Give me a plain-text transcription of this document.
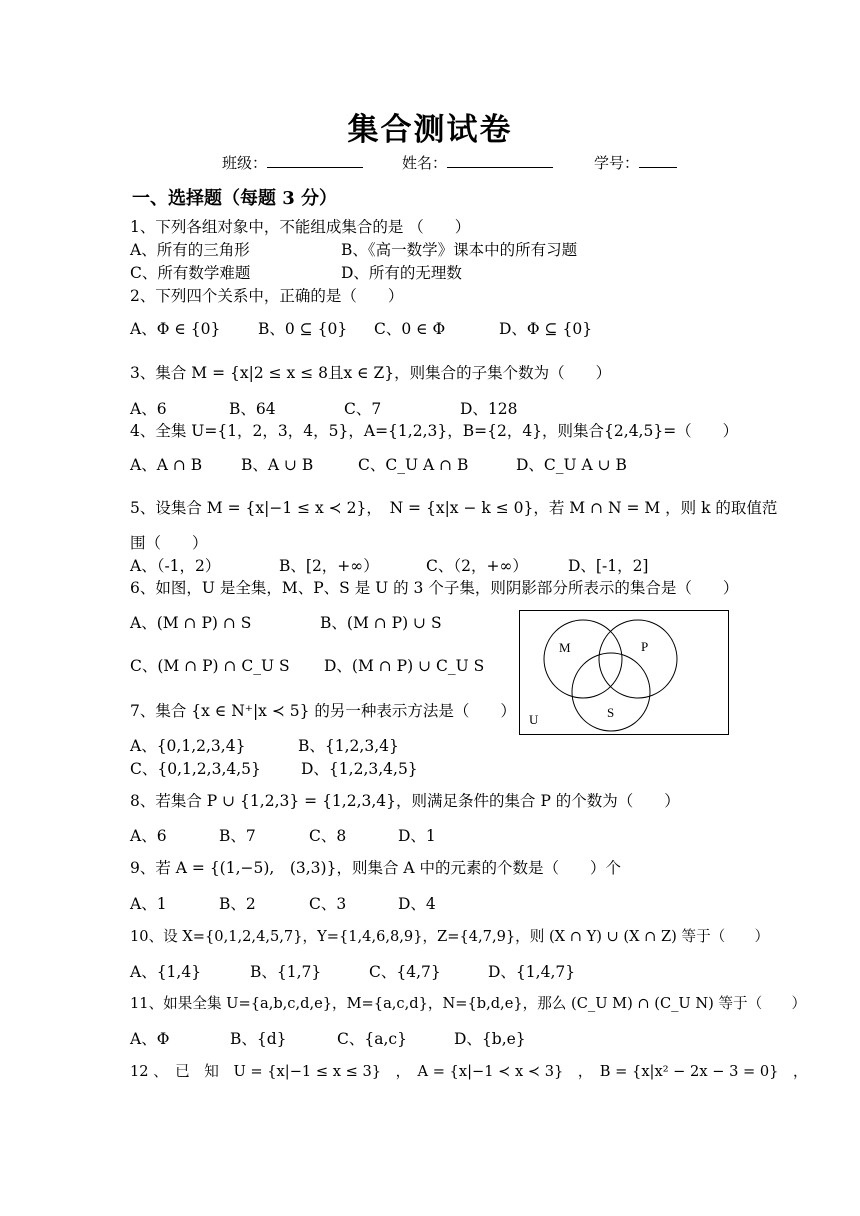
集合测试卷
班级：	姓名：	学号：
一、选择题（每题 3 分）
1、下列各组对象中，不能组成集合的是 （　　）
A、所有的三角形	B、《高一数学》课本中的所有习题
C、所有数学难题	D、所有的无理数
2、下列四个关系中，正确的是（　　）
A、Φ ∈ {0} B、0 ⊆ {0} C、0 ∈ Φ	D、Φ ⊆ {0}
3、集合 M = {x|2 ≤ x ≤ 8且x ∈ Z}，则集合的子集个数为（　　）
A、6	B、64	C、7	D、128
4、全集 U={1，2，3，4，5}，A={1,2,3}，B={2，4}，则集合{2,4,5}=（　　）
A、A ∩ B	B、A ∪ B	C、C_U A ∩ B	D、C_U A ∪ B
5、设集合 M = {x|−1 ≤ x ≺ 2}，　N = {x|x − k ≤ 0}，若 M ∩ N = M ，则 k 的取值范
围（　　）
A、（-1，2）	B、[2，+∞）	C、（2，+∞）	D、[-1，2]
6、如图，U 是全集，M、P、S 是 U 的 3 个子集，则阴影部分所表示的集合是（　　）
A、(M ∩ P) ∩ S	B、(M ∩ P) ∪ S
C、(M ∩ P) ∩ C_U S D、(M ∩ P) ∪ C_U S
M	P
S
U
7、集合 {x ∈ N⁺|x ≺ 5} 的另一种表示方法是（　　）
A、{0,1,2,3,4}	B、{1,2,3,4}
C、{0,1,2,3,4,5}	D、{1,2,3,4,5}
8、若集合 P ∪ {1,2,3} = {1,2,3,4}，则满足条件的集合 P 的个数为（　　）
A、6	B、7	C、8	D、1
9、若 A = {(1,−5),　(3,3)}，则集合 A 中的元素的个数是（　　）个
A、1	B、2	C、3	D、4
10、设 X={0,1,2,4,5,7}，Y={1,4,6,8,9}，Z={4,7,9}，则 (X ∩ Y) ∪ (X ∩ Z) 等于（　　）
A、{1,4}	B、{1,7}	C、{4,7}	D、{1,4,7}
11、如果全集 U={a,b,c,d,e}，M={a,c,d}，N={b,d,e}，那么 (C_U M) ∩ (C_U N) 等于（　　）
A、Φ	B、{d}	C、{a,c}	D、{b,e}
12 、　已　知　U = {x|−1 ≤ x ≤ 3}　，　A = {x|−1 ≺ x ≺ 3}　，　B = {x|x² − 2x − 3 = 0}　，
